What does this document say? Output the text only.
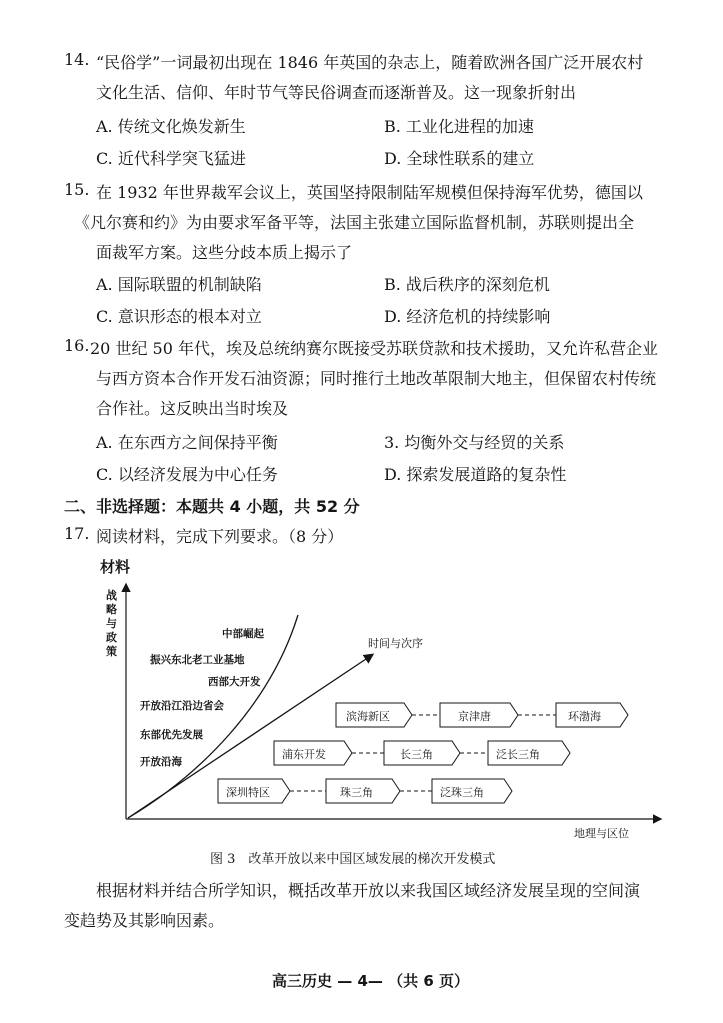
14. “民俗学”一词最初出现在 1846 年英国的杂志上，随着欧洲各国广泛开展农村
文化生活、信仰、年时节气等民俗调查而逐渐普及。这一现象折射出
A. 传统文化焕发新生	B. 工业化进程的加速
C. 近代科学突飞猛进	D. 全球性联系的建立
15. 在 1932 年世界裁军会议上，英国坚持限制陆军规模但保持海军优势，德国以
《凡尔赛和约》为由要求军备平等，法国主张建立国际监督机制，苏联则提出全
面裁军方案。这些分歧本质上揭示了
A. 国际联盟的机制缺陷	B. 战后秩序的深刻危机
C. 意识形态的根本对立	D. 经济危机的持续影响
16. 20 世纪 50 年代，埃及总统纳赛尔既接受苏联贷款和技术援助，又允许私营企业
与西方资本合作开发石油资源；同时推行土地改革限制大地主，但保留农村传统
合作社。这反映出当时埃及
A. 在东西方之间保持平衡	3. 均衡外交与经贸的关系
C. 以经济发展为中心任务	D. 探索发展道路的复杂性
二、非选择题：本题共 4 小题，共 52 分
17. 阅读材料，完成下列要求。（8 分）
材料
战
略
与
政
策
时间与次序
地理与区位
中部崛起
振兴东北老工业基地
西部大开发
开放沿江沿边省会
东部优先发展
开放沿海
滨海新区	京津唐	环渤海
浦东开发	长三角	泛长三角
深圳特区	珠三角	泛珠三角
图 3　改革开放以来中国区域发展的梯次开发模式
根据材料并结合所学知识，概括改革开放以来我国区域经济发展呈现的空间演
变趋势及其影响因素。
高三历史 — 4— （共 6 页）
